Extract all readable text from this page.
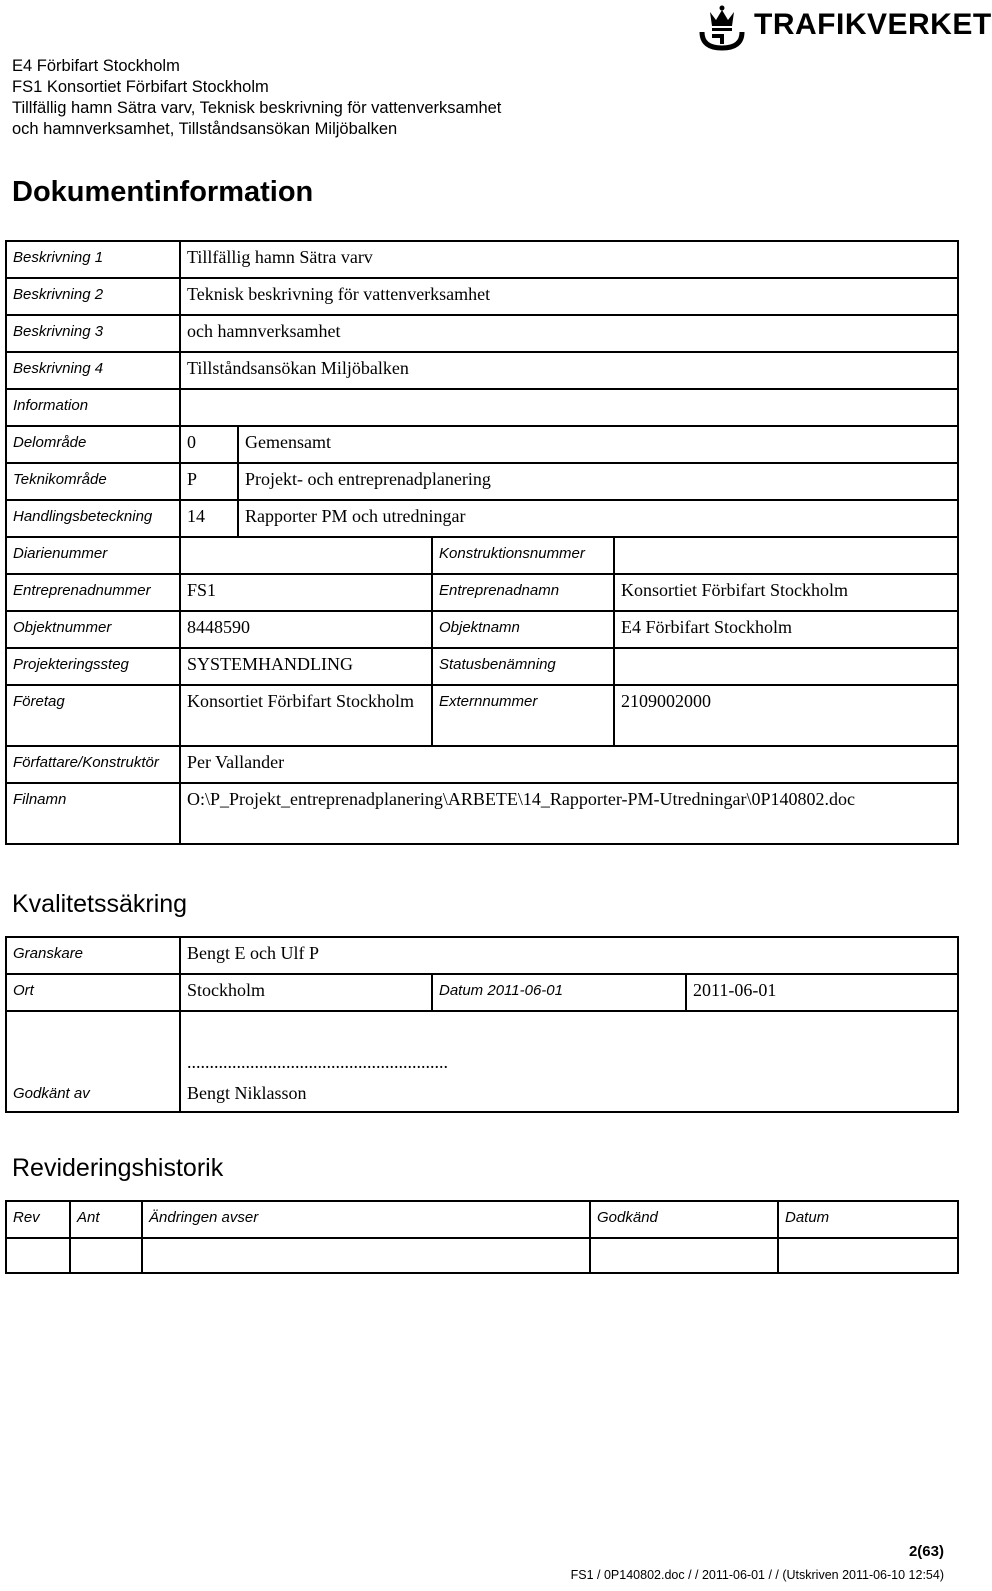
E4 Förbifart Stockholm
FS1 Konsortiet Förbifart Stockholm
Tillfällig hamn Sätra varv, Teknisk beskrivning för vattenverksamhet
och hamnverksamhet, Tillståndsansökan Miljöbalken
TRAFIKVERKET
Dokumentinformation
Beskrivning 1	Tillfällig hamn Sätra varv			

Beskrivning 2	Teknisk beskrivning för vattenverksamhet			

Beskrivning 3	och hamnverksamhet			

Beskrivning 4	Tillståndsansökan Miljöbalken			

Information				

Delområde	0	Gemensamt		

Teknikområde	P	Projekt- och entreprenadplanering		

Handlingsbeteckning	14	Rapporter PM och utredningar		

Diarienummer			Konstruktionsnummer	

Entreprenadnummer	FS1		Entreprenadnamn	Konsortiet Förbifart Stockholm

Objektnummer	8448590		Objektnamn	E4 Förbifart Stockholm

Projekteringssteg	SYSTEMHANDLING		Statusbenämning	

Företag	Konsortiet Förbifart Stockholm		Externnummer	2109002000

Författare/Konstruktör	Per Vallander			

Filnamn	O:\P_Projekt_entreprenadplanering\ARBETE\14_Rapporter-PM-Utredningar\0P140802.doc			
Kvalitetssäkring
Granskare	Bengt E och Ulf P		

Ort	Stockholm	Datum 2011-06-01	2011-06-01

Godkänt av	..........................................................
Bengt Niklasson		
Revideringshistorik
Rev	Ant	Ändringen avser	Godkänd	Datum

2(63)
FS1 / 0P140802.doc / / 2011-06-01 / / (Utskriven 2011-06-10 12:54)
